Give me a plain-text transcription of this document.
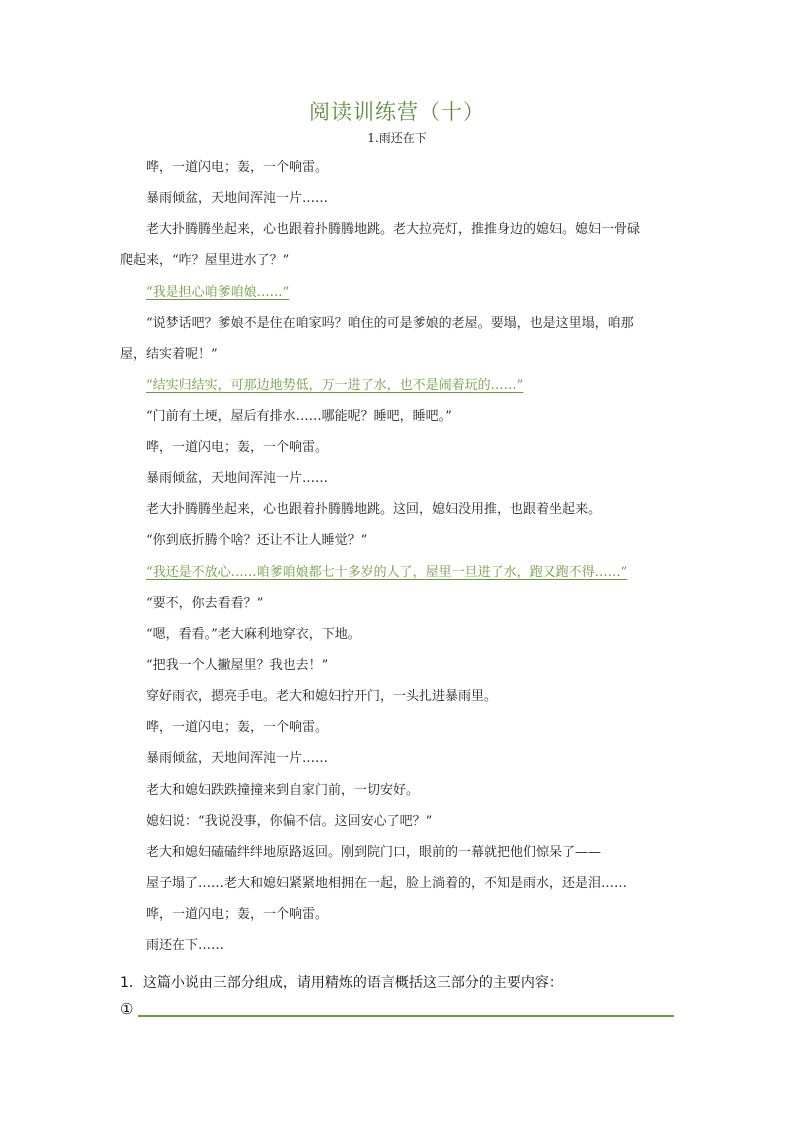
阅读训练营（十）
1.雨还在下
哗，一道闪电；轰，一个响雷。
暴雨倾盆，天地间浑沌一片……
老大扑腾腾坐起来，心也跟着扑腾腾地跳。老大拉亮灯，推推身边的媳妇。媳妇一骨碌
爬起来，“咋？屋里进水了？”
“我是担心咱爹咱娘……”
“说梦话吧？爹娘不是住在咱家吗？咱住的可是爹娘的老屋。要塌，也是这里塌，咱那
屋，结实着呢！”
“结实归结实，可那边地势低，万一进了水，也不是闹着玩的……”
“门前有土埂，屋后有排水……哪能呢？睡吧，睡吧。”
哗，一道闪电；轰，一个响雷。
暴雨倾盆，天地间浑沌一片……
老大扑腾腾坐起来，心也跟着扑腾腾地跳。这回，媳妇没用推，也跟着坐起来。
“你到底折腾个啥？还让不让人睡觉？”
“我还是不放心……咱爹咱娘都七十多岁的人了，屋里一旦进了水，跑又跑不得……”
“要不，你去看看？”
“嗯，看看。”老大麻利地穿衣，下地。
“把我一个人撇屋里？我也去！”
穿好雨衣，摁亮手电。老大和媳妇拧开门，一头扎进暴雨里。
哗，一道闪电；轰，一个响雷。
暴雨倾盆，天地间浑沌一片……
老大和媳妇跌跌撞撞来到自家门前，一切安好。
媳妇说：“我说没事，你偏不信。这回安心了吧？”
老大和媳妇磕磕绊绊地原路返回。刚到院门口，眼前的一幕就把他们惊呆了——
屋子塌了……老大和媳妇紧紧地相拥在一起，脸上淌着的，不知是雨水，还是泪……
哗，一道闪电；轰，一个响雷。
雨还在下……
1．这篇小说由三部分组成，请用精炼的语言概括这三部分的主要内容：
①
